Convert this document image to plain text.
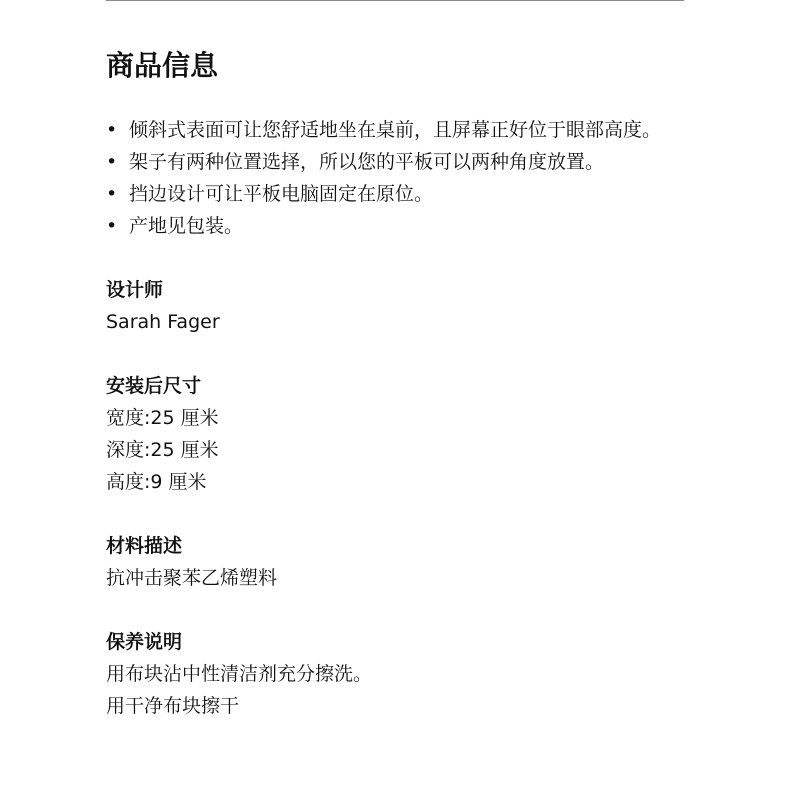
商品信息
• 倾斜式表面可让您舒适地坐在桌前，且屏幕正好位于眼部高度。
• 架子有两种位置选择，所以您的平板可以两种角度放置。
• 挡边设计可让平板电脑固定在原位。
• 产地见包装。
设计师
Sarah Fager
安装后尺寸
宽度:25 厘米
深度:25 厘米
高度:9 厘米
材料描述
抗冲击聚苯乙烯塑料
保养说明
用布块沾中性清洁剂充分擦洗。
用干净布块擦干
